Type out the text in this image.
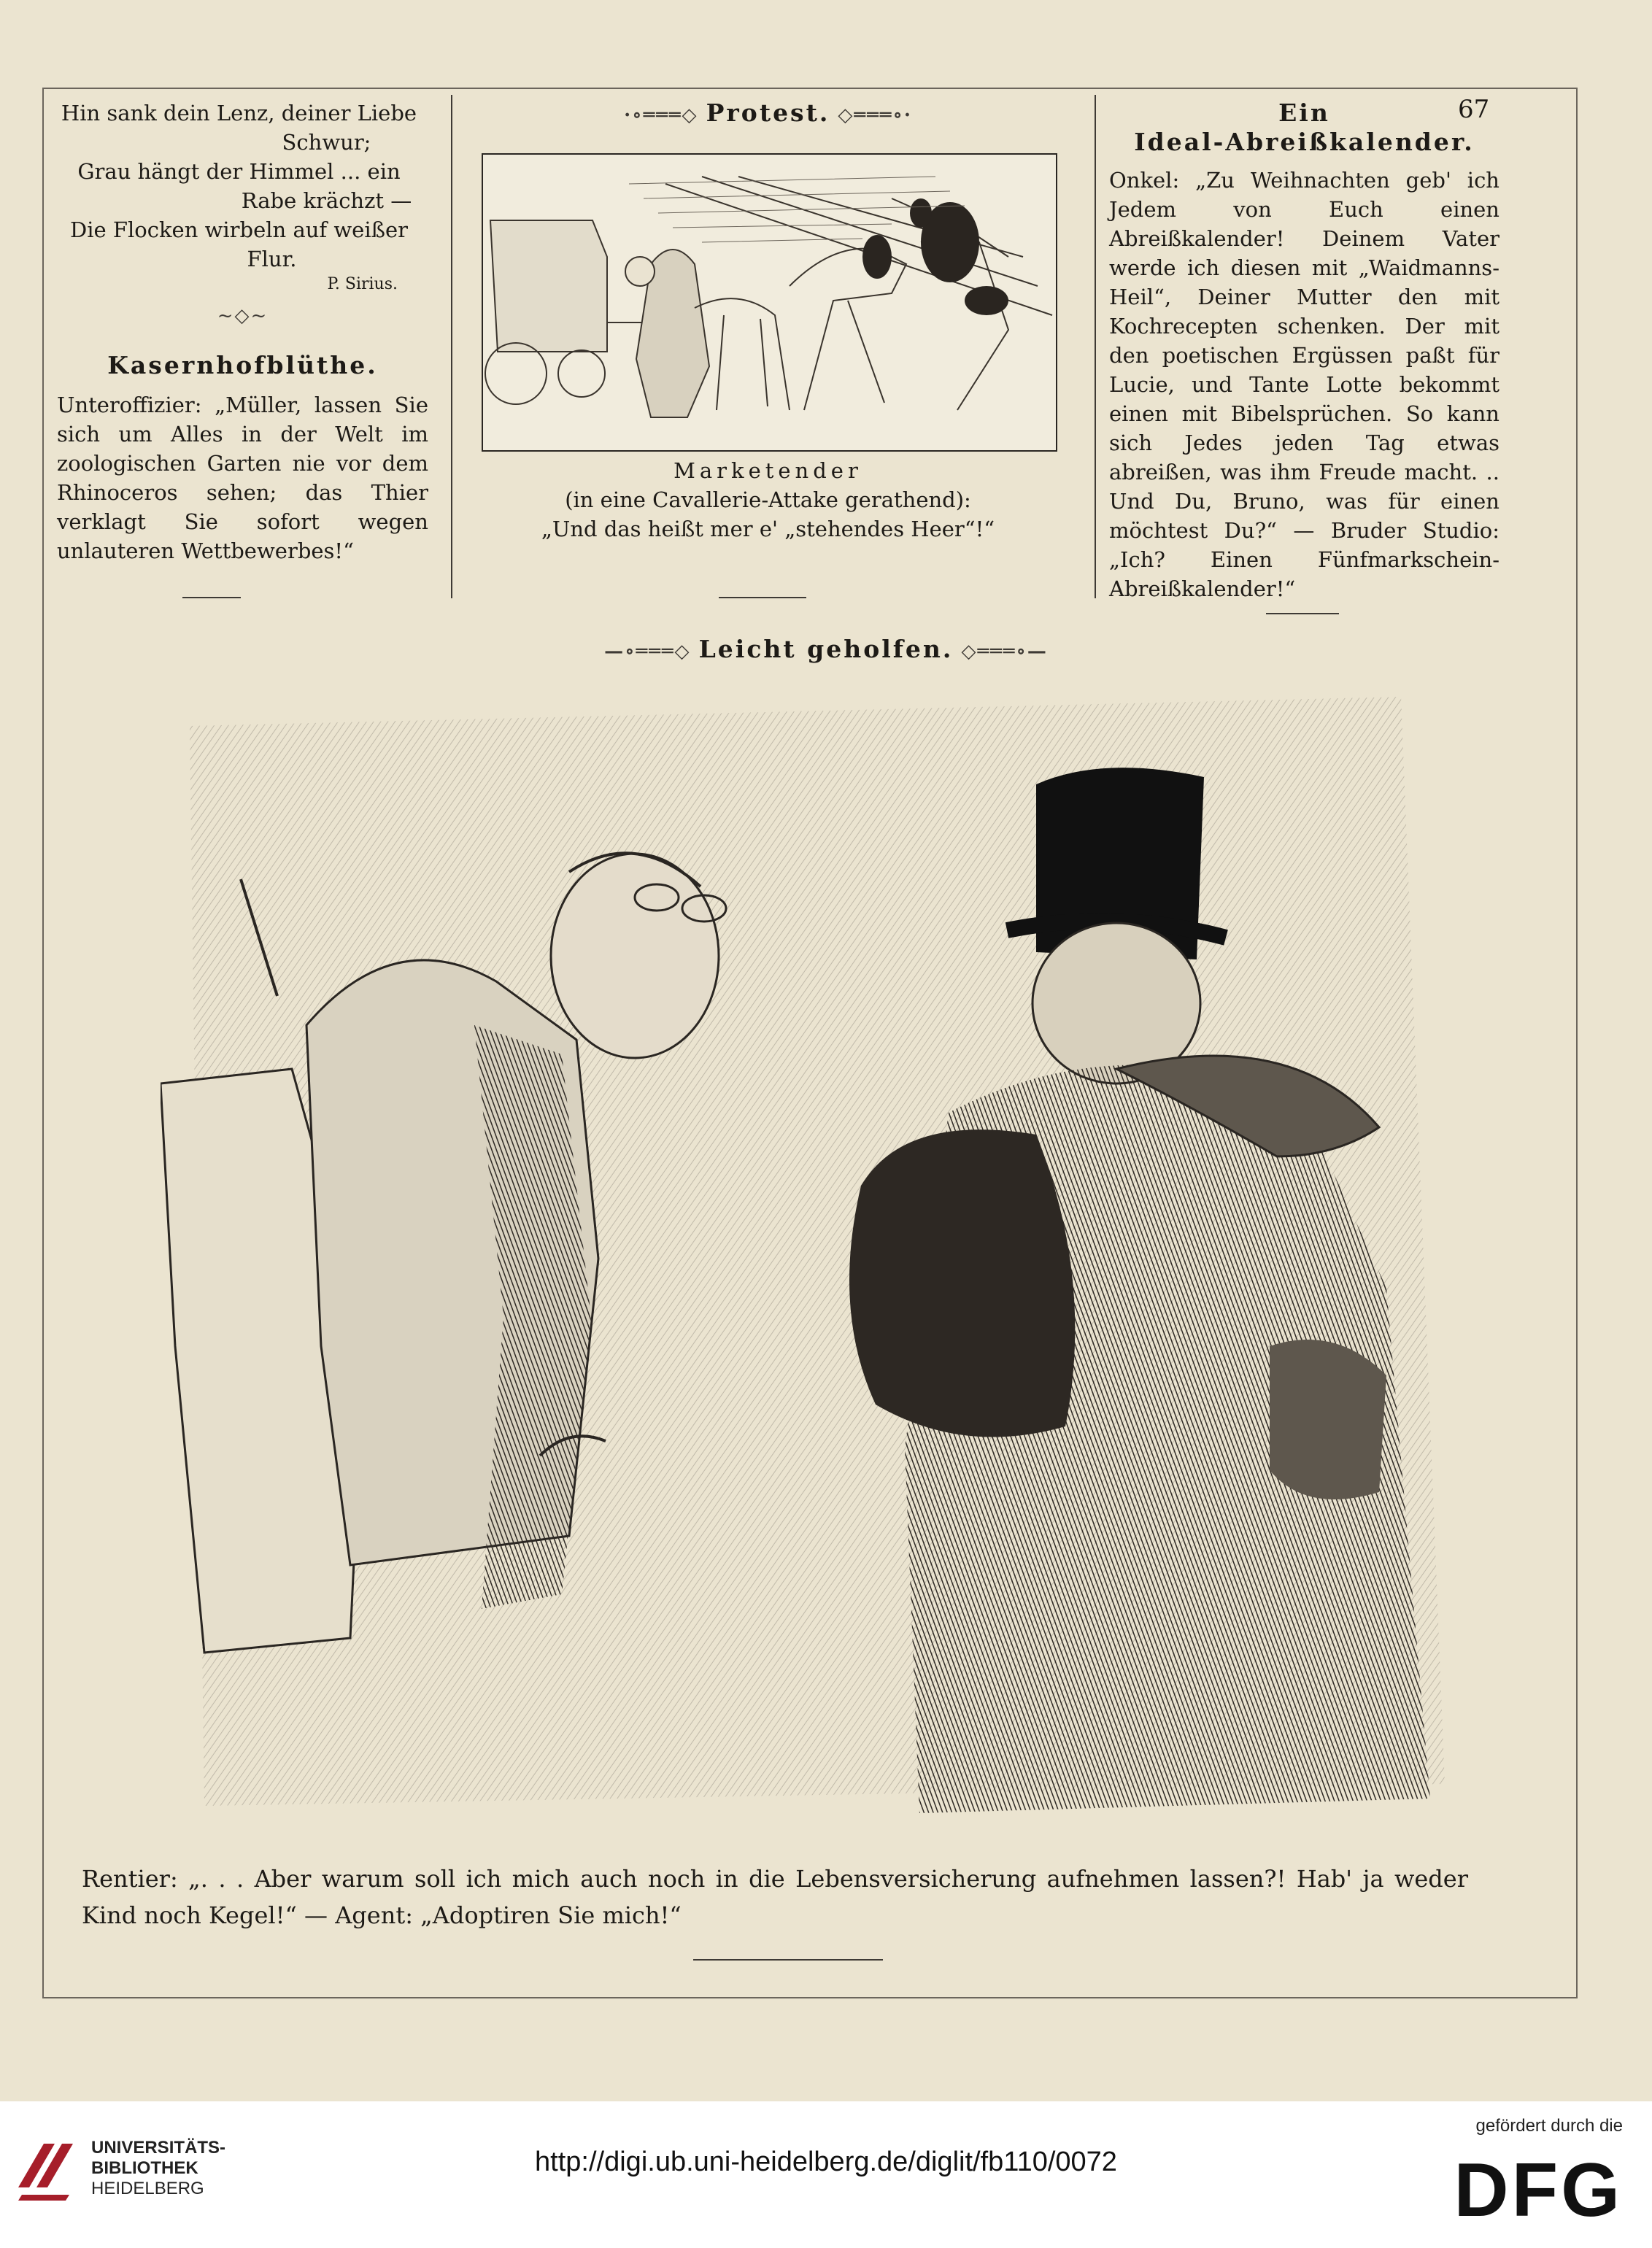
Hin sank dein Lenz, deiner Liebe

Schwur;

Grau hängt der Himmel ... ein

Rabe krächzt —

Die Flocken wirbeln auf weißer

Flur.

P. Sirius.

~◇~

Kasernhofblüthe.

Unteroffizier: „Müller, lassen Sie sich um Alles in der Welt im zoologischen Garten nie vor dem Rhinoceros sehen; das Thier verklagt Sie sofort wegen unlauteren Wettbewerbes!“

·∘═══◇ Protest. ◇═══∘·

Marketender

(in eine Cavallerie-Attake gerathend):

„Und das heißt mer e' „stehendes Heer“!“

Ein

Ideal-Abreißkalender.

Onkel: „Zu Weihnachten geb' ich Jedem von Euch einen Abreißkalender! Deinem Vater werde ich diesen mit „Waidmanns-Heil“, Deiner Mutter den mit Kochrecepten schenken. Der mit den poetischen Ergüssen paßt für Lucie, und Tante Lotte bekommt einen mit Bibelsprüchen. So kann sich Jedes jeden Tag etwas abreißen, was ihm Freude macht. .. Und Du, Bruno, was für einen möchtest Du?“ — Bruder Studio: „Ich? Einen Fünfmarkschein-Abreißkalender!“

67
—∘═══◇ Leicht geholfen. ◇═══∘—
Rentier: „. . . Aber warum soll ich mich auch noch in die Lebensversicherung aufnehmen lassen?! Hab' ja weder Kind noch Kegel!“ — Agent: „Adoptiren Sie mich!“
UNIVERSITÄTS-
BIBLIOTHEK
HEIDELBERG
http://digi.ub.uni-heidelberg.de/diglit/fb110/0072
gefördert durch die
DFG
